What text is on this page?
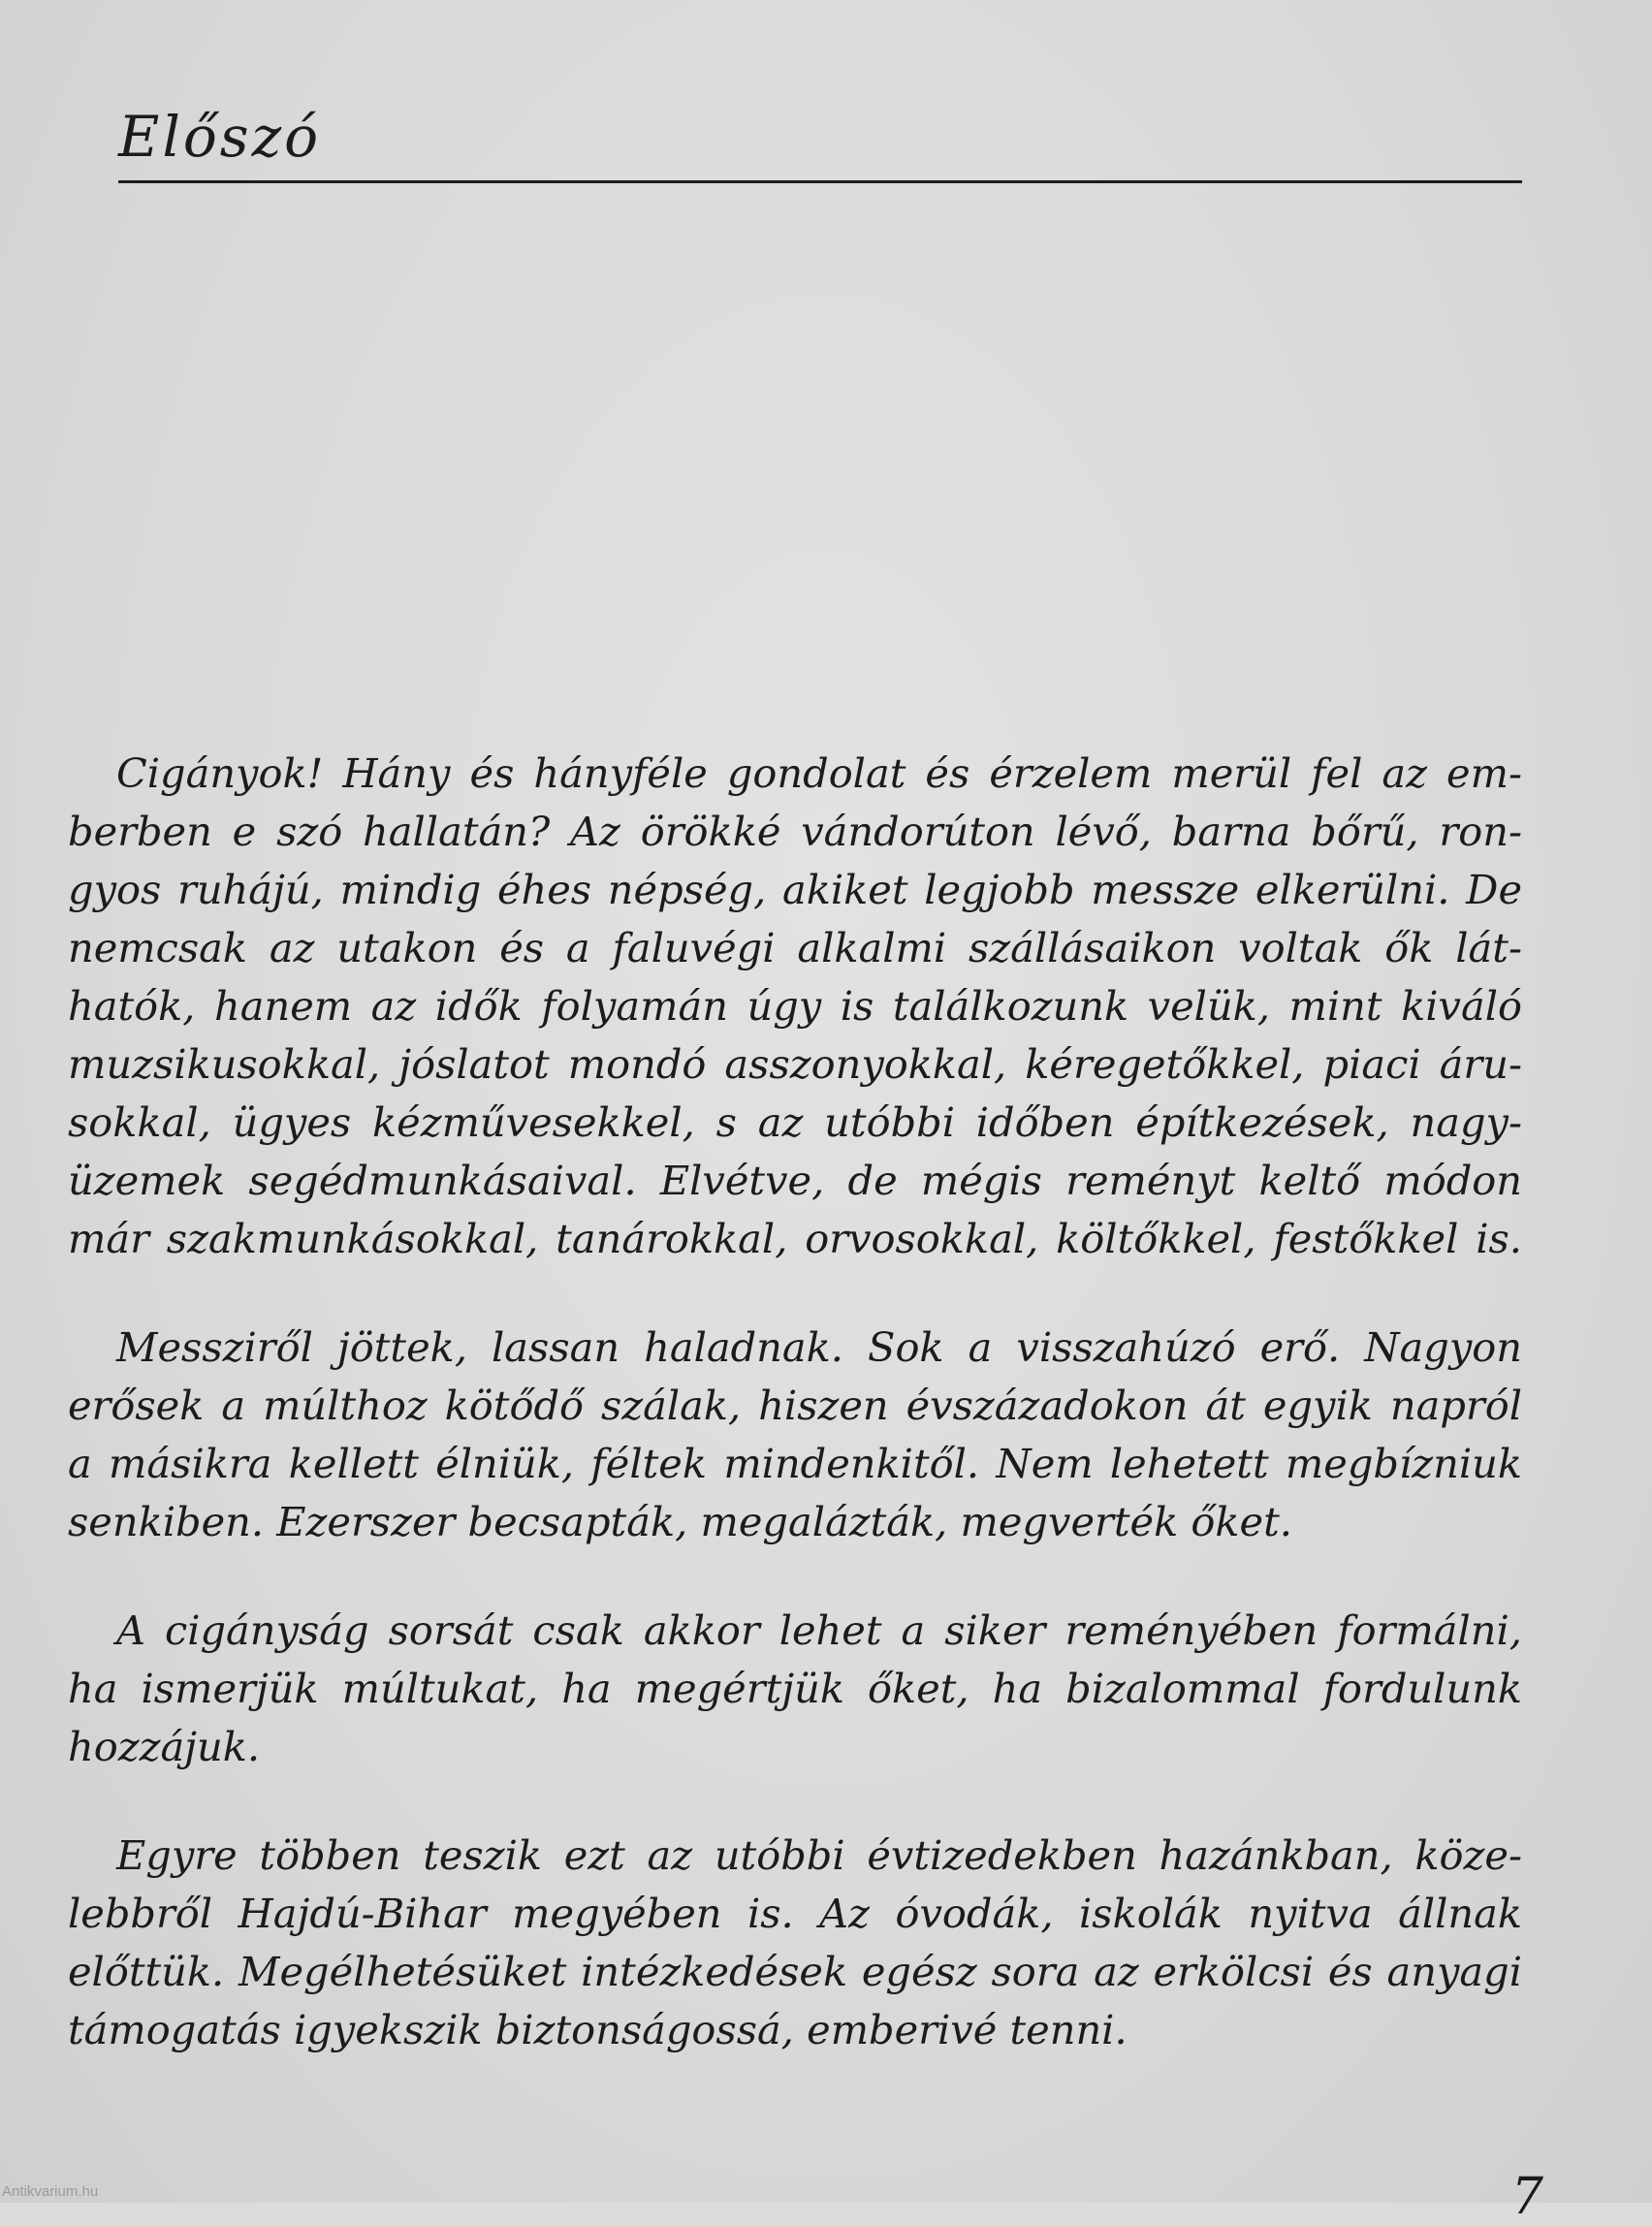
Előszó

Cigányok! Hány és hányféle gondolat és érzelem merül fel az em-
berben e szó hallatán? Az örökké vándorúton lévő, barna bőrű, ron-
gyos ruhájú, mindig éhes népség, akiket legjobb messze elkerülni. De
nemcsak az utakon és a faluvégi alkalmi szállásaikon voltak ők lát-
hatók, hanem az idők folyamán úgy is találkozunk velük, mint kiváló
muzsikusokkal, jóslatot mondó asszonyokkal, kéregetőkkel, piaci áru-
sokkal, ügyes kézművesekkel, s az utóbbi időben építkezések, nagy-
üzemek segédmunkásaival. Elvétve, de mégis reményt keltő módon
már szakmunkásokkal, tanárokkal, orvosokkal, költőkkel, festőkkel is.

Messziről jöttek, lassan haladnak. Sok a visszahúzó erő. Nagyon
erősek a múlthoz kötődő szálak, hiszen évszázadokon át egyik napról
a másikra kellett élniük, féltek mindenkitől. Nem lehetett megbízniuk
senkiben. Ezerszer becsapták, megalázták, megverték őket.

A cigányság sorsát csak akkor lehet a siker reményében formálni,
ha ismerjük múltukat, ha megértjük őket, ha bizalommal fordulunk
hozzájuk.

Egyre többen teszik ezt az utóbbi évtizedekben hazánkban, köze-
lebbről Hajdú-Bihar megyében is. Az óvodák, iskolák nyitva állnak
előttük. Megélhetésüket intézkedések egész sora az erkölcsi és anyagi
támogatás igyekszik biztonságossá, emberivé tenni.

7
Antikvarium.hu
